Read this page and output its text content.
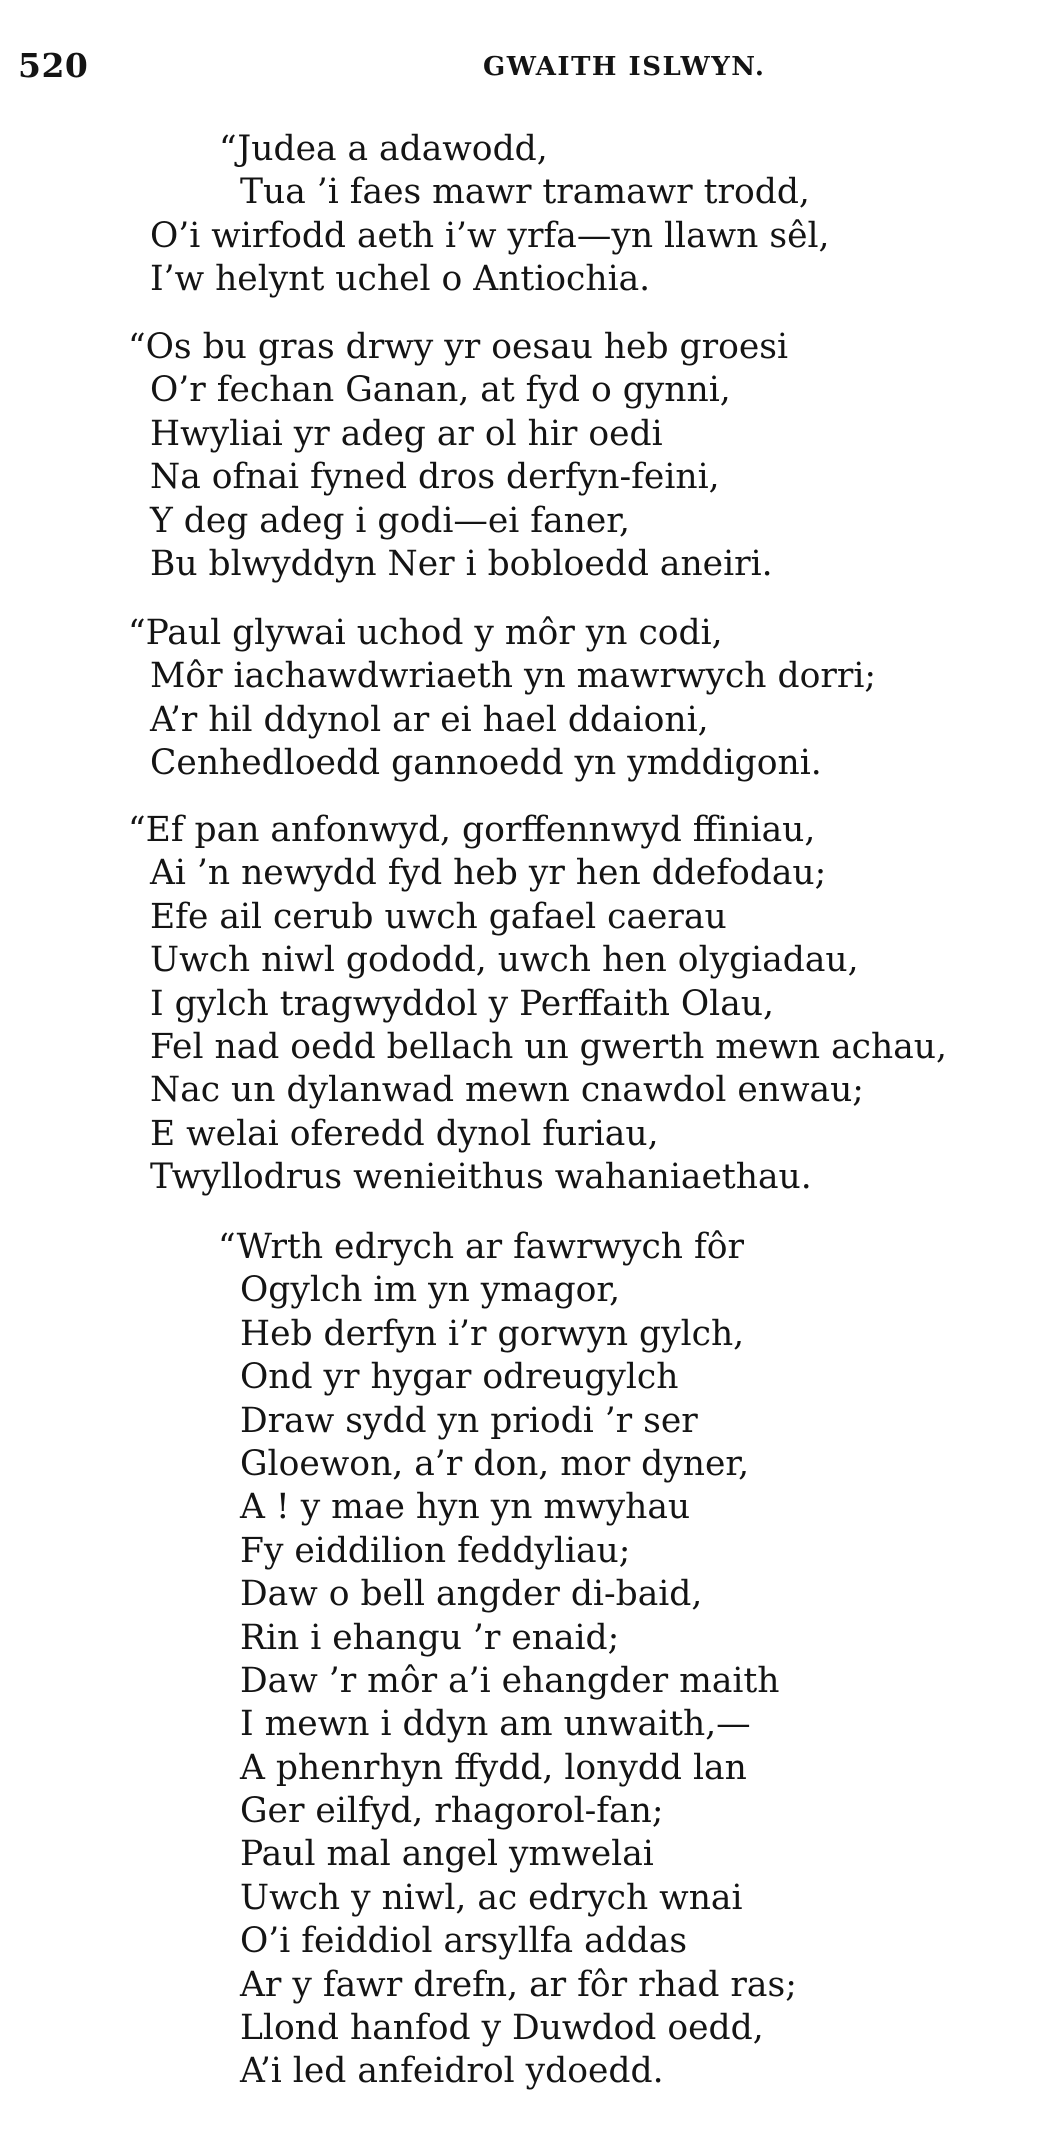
520	GWAITH ISLWYN.
“Judea a adawodd,
Tua ’i faes mawr tramawr trodd,
O’i wirfodd aeth i’w yrfa—yn llawn sêl,
I’w helynt uchel o Antiochia.
“Os bu gras drwy yr oesau heb groesi
O’r fechan Ganan, at fyd o gynni,
Hwyliai yr adeg ar ol hir oedi
Na ofnai fyned dros derfyn-feini,
Y deg adeg i godi—ei faner,
Bu blwyddyn Ner i bobloedd aneiri.
“Paul glywai uchod y môr yn codi,
Môr iachawdwriaeth yn mawrwych dorri;
A’r hil ddynol ar ei hael ddaioni,
Cenhedloedd gannoedd yn ymddigoni.
“Ef pan anfonwyd, gorffennwyd ffiniau,
Ai ’n newydd fyd heb yr hen ddefodau;
Efe ail cerub uwch gafael caerau
Uwch niwl gododd, uwch hen olygiadau,
I gylch tragwyddol y Perffaith Olau,
Fel nad oedd bellach un gwerth mewn achau,
Nac un dylanwad mewn cnawdol enwau;
E welai oferedd dynol furiau,
Twyllodrus wenieithus wahaniaethau.
“Wrth edrych ar fawrwych fôr
Ogylch im yn ymagor,
Heb derfyn i’r gorwyn gylch,
Ond yr hygar odreugylch
Draw sydd yn priodi ’r ser
Gloewon, a’r don, mor dyner,
A ! y mae hyn yn mwyhau
Fy eiddilion feddyliau;
Daw o bell angder di-baid,
Rin i ehangu ’r enaid;
Daw ’r môr a’i ehangder maith
I mewn i ddyn am unwaith,—
A phenrhyn ffydd, lonydd lan
Ger eilfyd, rhagorol-fan;
Paul mal angel ymwelai
Uwch y niwl, ac edrych wnai
O’i feiddiol arsyllfa addas
Ar y fawr drefn, ar fôr rhad ras;
Llond hanfod y Duwdod oedd,
A’i led anfeidrol ydoedd.
